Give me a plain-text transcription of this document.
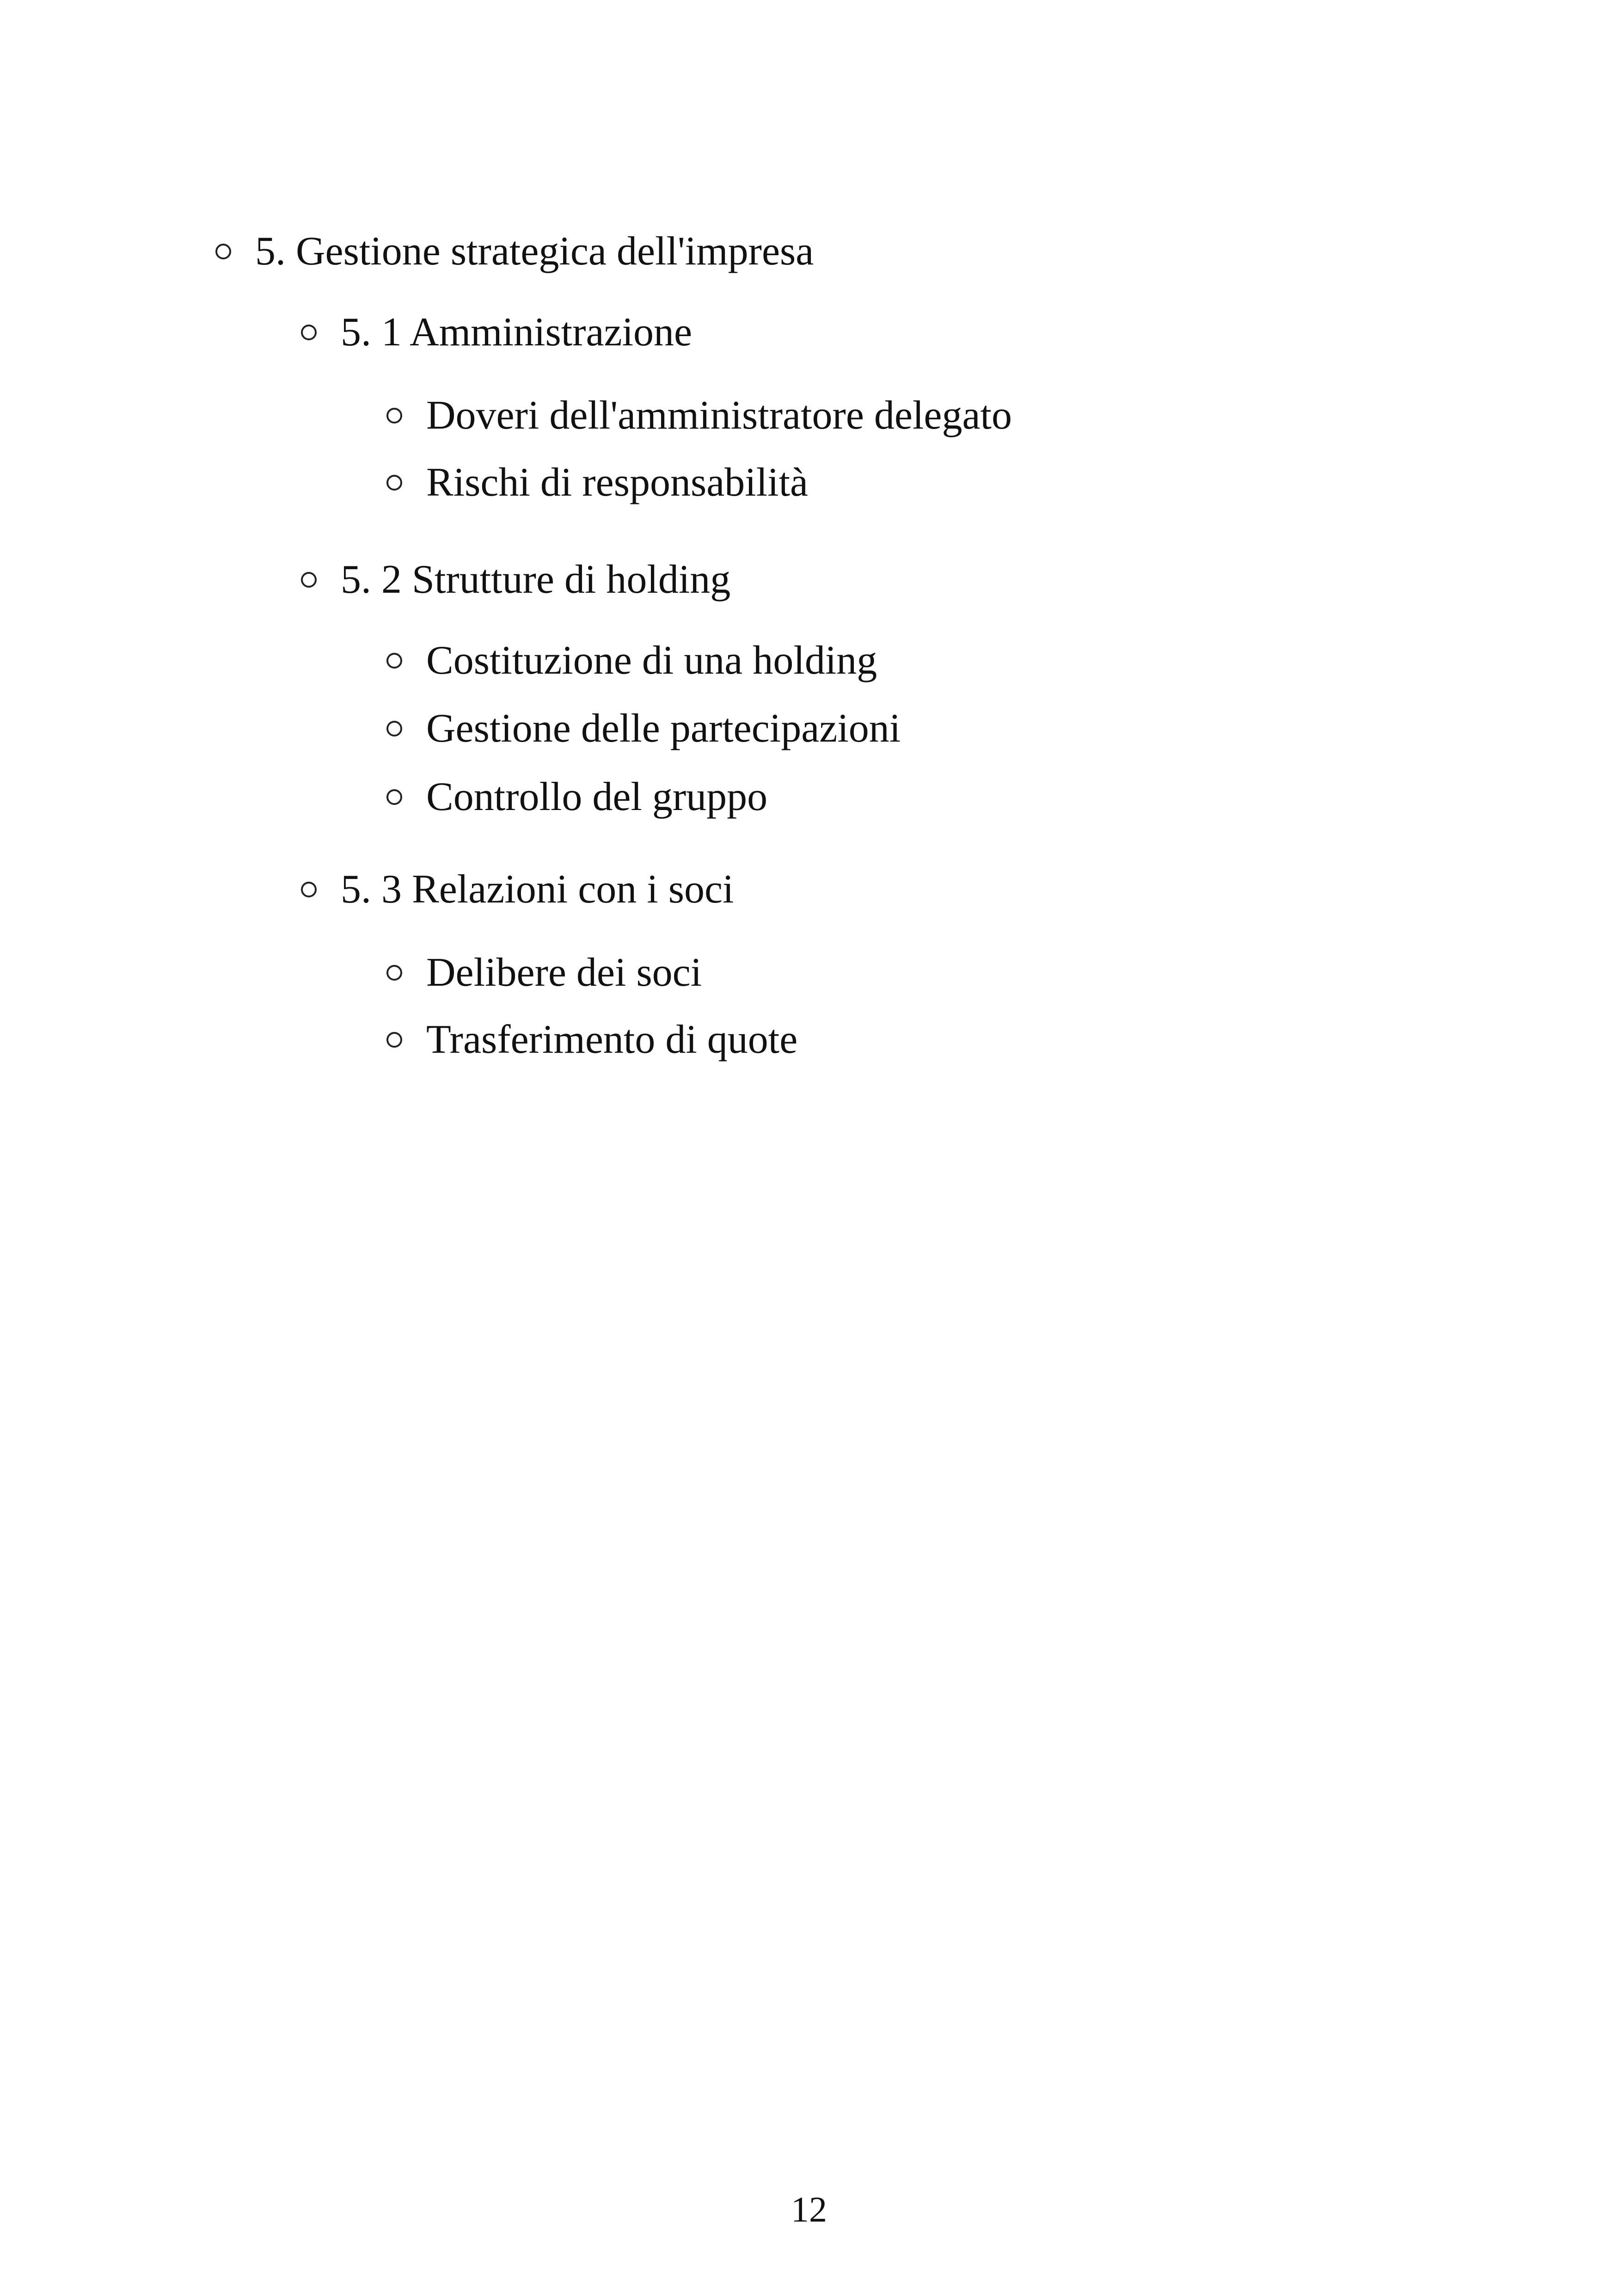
5. Gestione strategica dell'impresa
5. 1 Amministrazione
Doveri dell'amministratore delegato
Rischi di responsabilità
5. 2 Strutture di holding
Costituzione di una holding
Gestione delle partecipazioni
Controllo del gruppo
5. 3 Relazioni con i soci
Delibere dei soci
Trasferimento di quote
12
